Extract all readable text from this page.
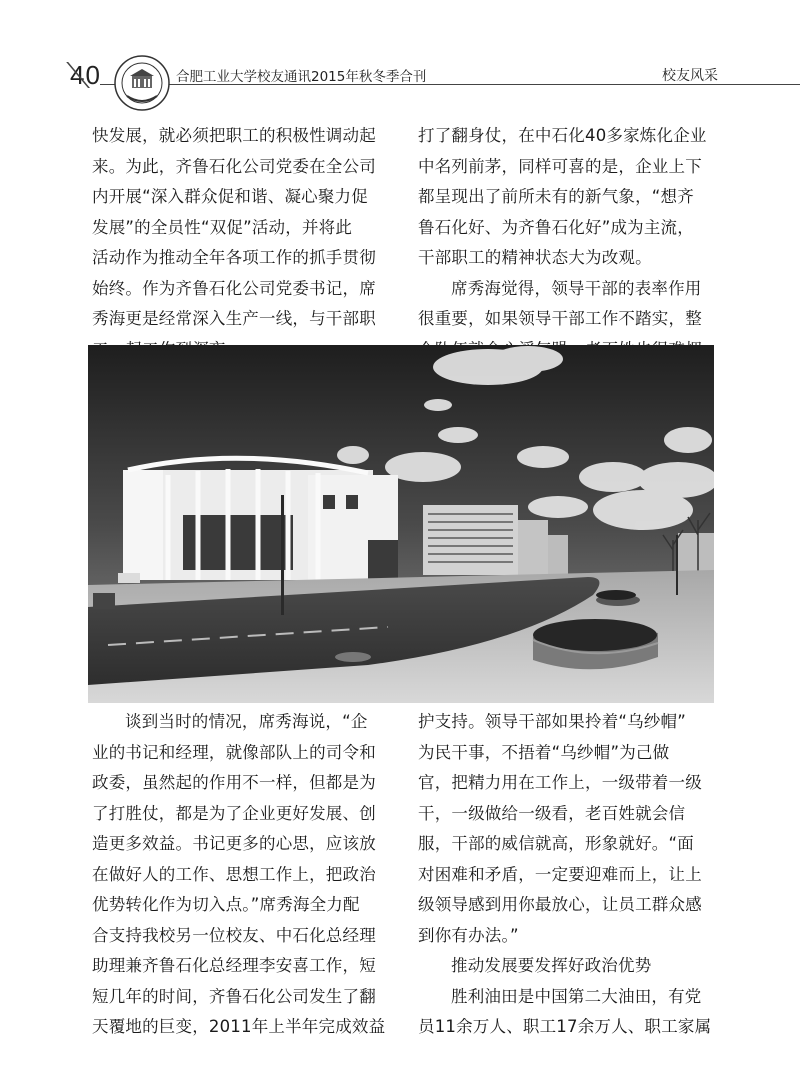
40	合肥工业大学校友通讯2015年秋冬季合刊	校友风采
快发展，就必须把职工的积极性调动起
来。为此，齐鲁石化公司党委在全公司
内开展“深入群众促和谐、凝心聚力促
发展”的全员性“双促”活动，并将此
活动作为推动全年各项工作的抓手贯彻
始终。作为齐鲁石化公司党委书记，席
秀海更是经常深入生产一线，与干部职
打了翻身仗，在中石化40多家炼化企业
中名列前茅，同样可喜的是，企业上下
都呈现出了前所未有的新气象，“想齐
鲁石化好、为齐鲁石化好”成为主流，
干部职工的精神状态大为改观。
席秀海觉得，领导干部的表率作用
很重要，如果领导干部工作不踏实，整
谈到当时的情况，席秀海说，“企
业的书记和经理，就像部队上的司令和
政委，虽然起的作用不一样，但都是为
了打胜仗，都是为了企业更好发展、创
造更多效益。书记更多的心思，应该放
在做好人的工作、思想工作上，把政治
优势转化作为切入点。”席秀海全力配
合支持我校另一位校友、中石化总经理
助理兼齐鲁石化总经理李安喜工作，短
短几年的时间，齐鲁石化公司发生了翻
天覆地的巨变，2011年上半年完成效益
护支持。领导干部如果拎着“乌纱帽”
为民干事，不捂着“乌纱帽”为己做
官，把精力用在工作上，一级带着一级
干，一级做给一级看，老百姓就会信
服，干部的威信就高，形象就好。“面
对困难和矛盾，一定要迎难而上，让上
级领导感到用你最放心，让员工群众感
到你有办法。”
推动发展要发挥好政治优势
胜利油田是中国第二大油田，有党
员11余万人、职工17余万人、职工家属
